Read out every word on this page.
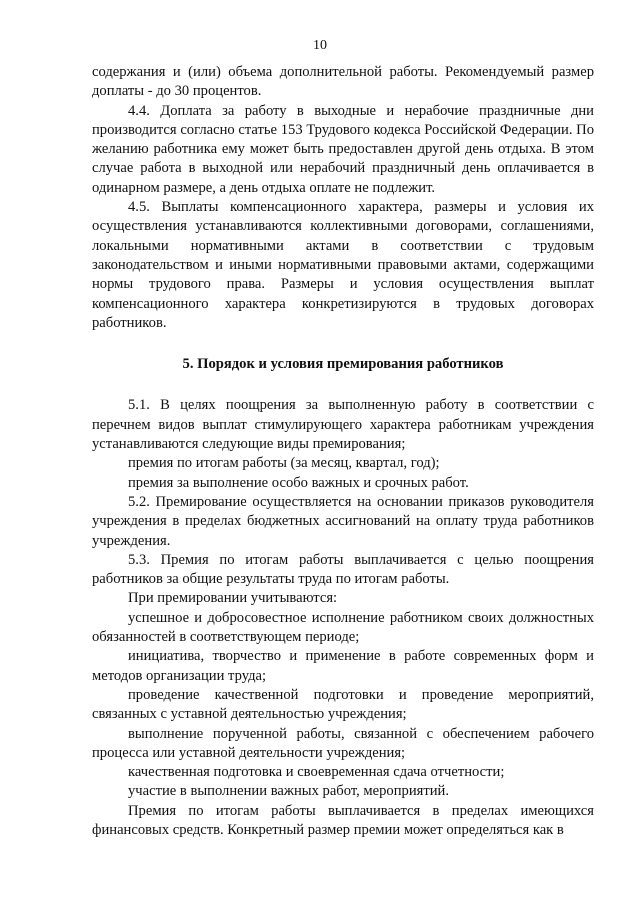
10

содержания и (или) объема дополнительной работы. Рекомендуемый размер доплаты - до 30 процентов.

4.4. Доплата за работу в выходные и нерабочие праздничные дни производится согласно статье 153 Трудового кодекса Российской Федерации. По желанию работника ему может быть предоставлен другой день отдыха. В этом случае работа в выходной или нерабочий праздничный день оплачивается в одинарном размере, а день отдыха оплате не подлежит.

4.5. Выплаты компенсационного характера, размеры и условия их осуществления устанавливаются коллективными договорами, соглашениями, локальными нормативными актами в соответствии с трудовым законодательством и иными нормативными правовыми актами, содержащими нормы трудового права. Размеры и условия осуществления выплат компенсационного характера конкретизируются в трудовых договорах работников.

5. Порядок и условия премирования работников

5.1. В целях поощрения за выполненную работу в соответствии с перечнем видов выплат стимулирующего характера работникам учреждения устанавливаются следующие виды премирования;

премия по итогам работы (за месяц, квартал, год);

премия за выполнение особо важных и срочных работ.

5.2. Премирование осуществляется на основании приказов руководителя учреждения в пределах бюджетных ассигнований на оплату труда работников учреждения.

5.3. Премия по итогам работы выплачивается с целью поощрения работников за общие результаты труда по итогам работы.

При премировании учитываются:

успешное и добросовестное исполнение работником своих должностных обязанностей в соответствующем периоде;

инициатива, творчество и применение в работе современных форм и методов организации труда;

проведение качественной подготовки и проведение мероприятий, связанных с уставной деятельностью учреждения;

выполнение порученной работы, связанной с обеспечением рабочего процесса или уставной деятельности учреждения;

качественная подготовка и своевременная сдача отчетности;

участие в выполнении важных работ, мероприятий.

Премия по итогам работы выплачивается в пределах имеющихся финансовых средств. Конкретный размер премии может определяться как в
